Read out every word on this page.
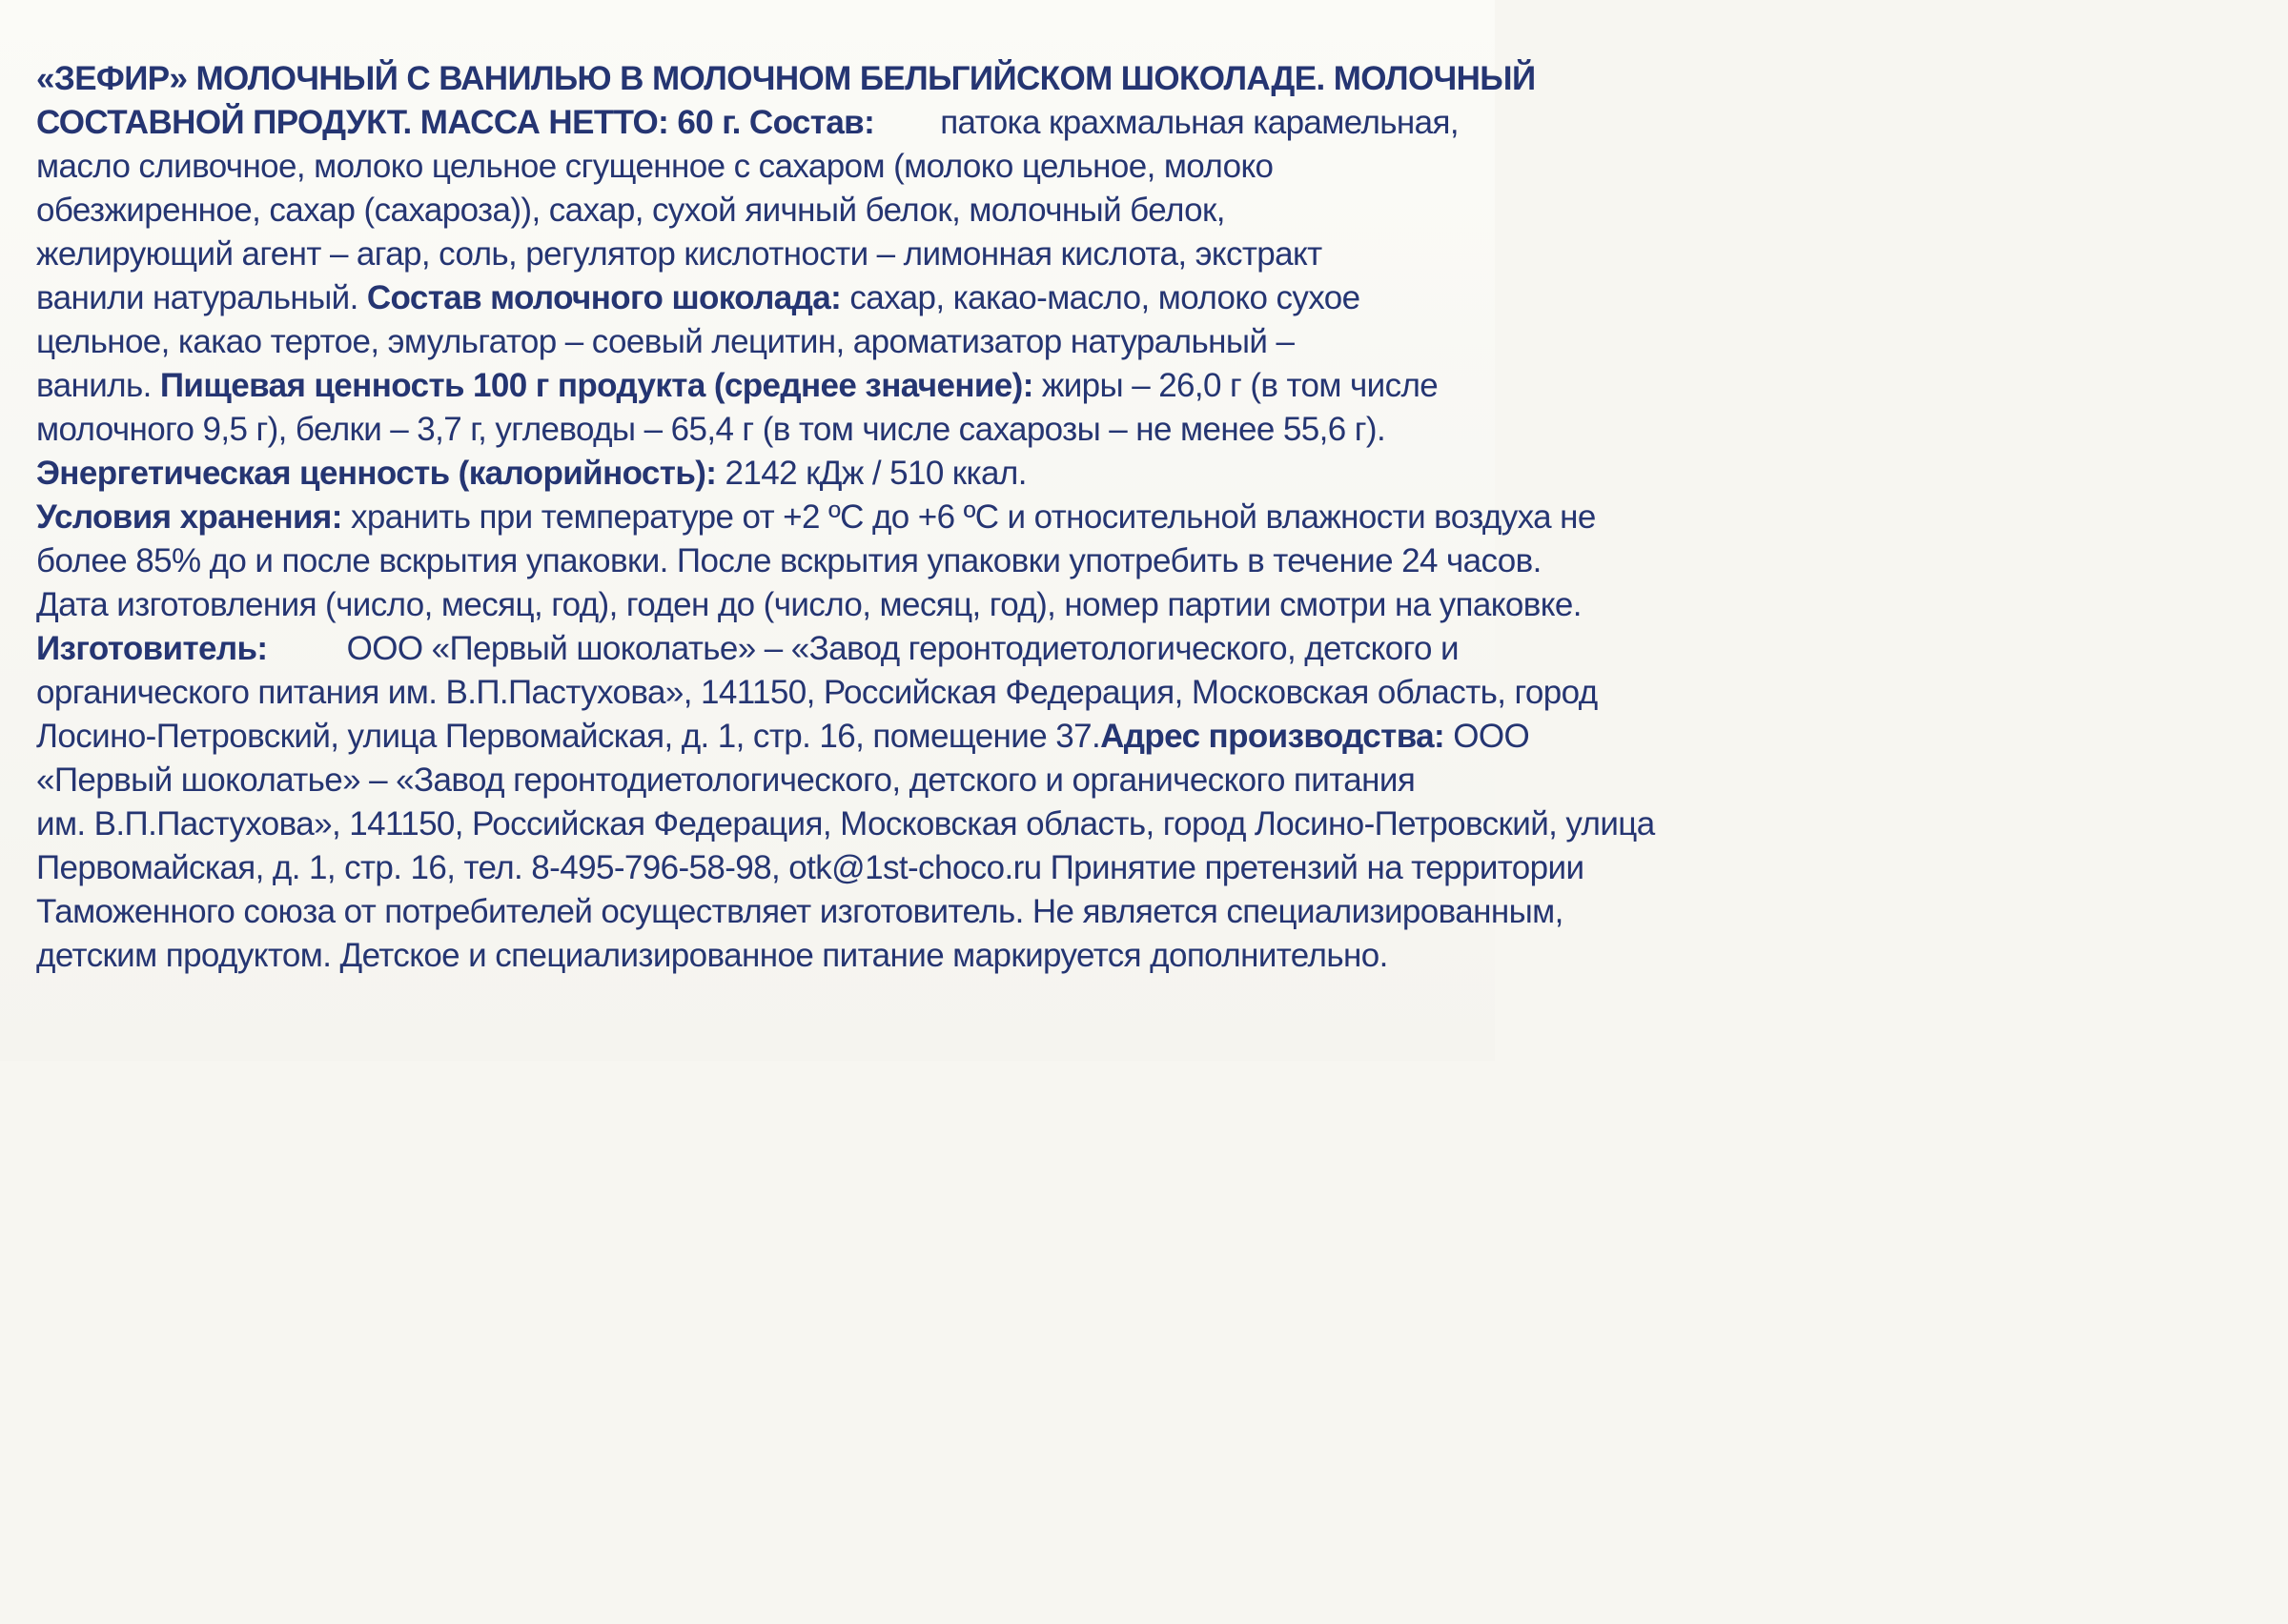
«ЗЕФИР» МОЛОЧНЫЙ С ВАНИЛЬЮ В МОЛОЧНОМ БЕЛЬГИЙСКОМ ШОКОЛАДЕ. МОЛОЧНЫЙ
СОСТАВНОЙ ПРОДУКТ. МАССА НЕТТО: 60 г. Состав: патока крахмальная карамельная,
масло сливочное, молоко цельное сгущенное с сахаром (молоко цельное, молоко
обезжиренное, сахар (сахароза)), сахар, сухой яичный белок, молочный белок,
желирующий агент – агар, соль, регулятор кислотности – лимонная кислота, экстракт
ванили натуральный. Состав молочного шоколада: сахар, какао-масло, молоко сухое
цельное, какао тертое, эмульгатор – соевый лецитин, ароматизатор натуральный –
ваниль. Пищевая ценность 100 г продукта (среднее значение): жиры – 26,0 г (в том числе
молочного 9,5 г), белки – 3,7 г, углеводы – 65,4 г (в том числе сахарозы – не менее 55,6 г).
Энергетическая ценность (калорийность): 2142 кДж / 510 ккал.
Условия хранения: хранить при температуре от +2 ºС до +6 ºС и относительной влажности воздуха не
более 85% до и после вскрытия упаковки. После вскрытия упаковки употребить в течение 24 часов.
Дата изготовления (число, месяц, год), годен до (число, месяц, год), номер партии смотри на упаковке.
Изготовитель: ООО «Первый шоколатье» – «Завод геронтодиетологического, детского и
органического питания им. В.П.Пастухова», 141150, Российская Федерация, Московская область, город
Лосино-Петровский, улица Первомайская, д. 1, стр. 16, помещение 37. Адрес производства: ООО
«Первый шоколатье» – «Завод геронтодиетологического, детского и органического питания
им. В.П.Пастухова», 141150, Российская Федерация, Московская область, город Лосино-Петровский, улица
Первомайская, д. 1, стр. 16, тел. 8-495-796-58-98, otk@1st-choco.ru Принятие претензий на территории
Таможенного союза от потребителей осуществляет изготовитель. Не является специализированным,
детским продуктом. Детское и специализированное питание маркируется дополнительно.
